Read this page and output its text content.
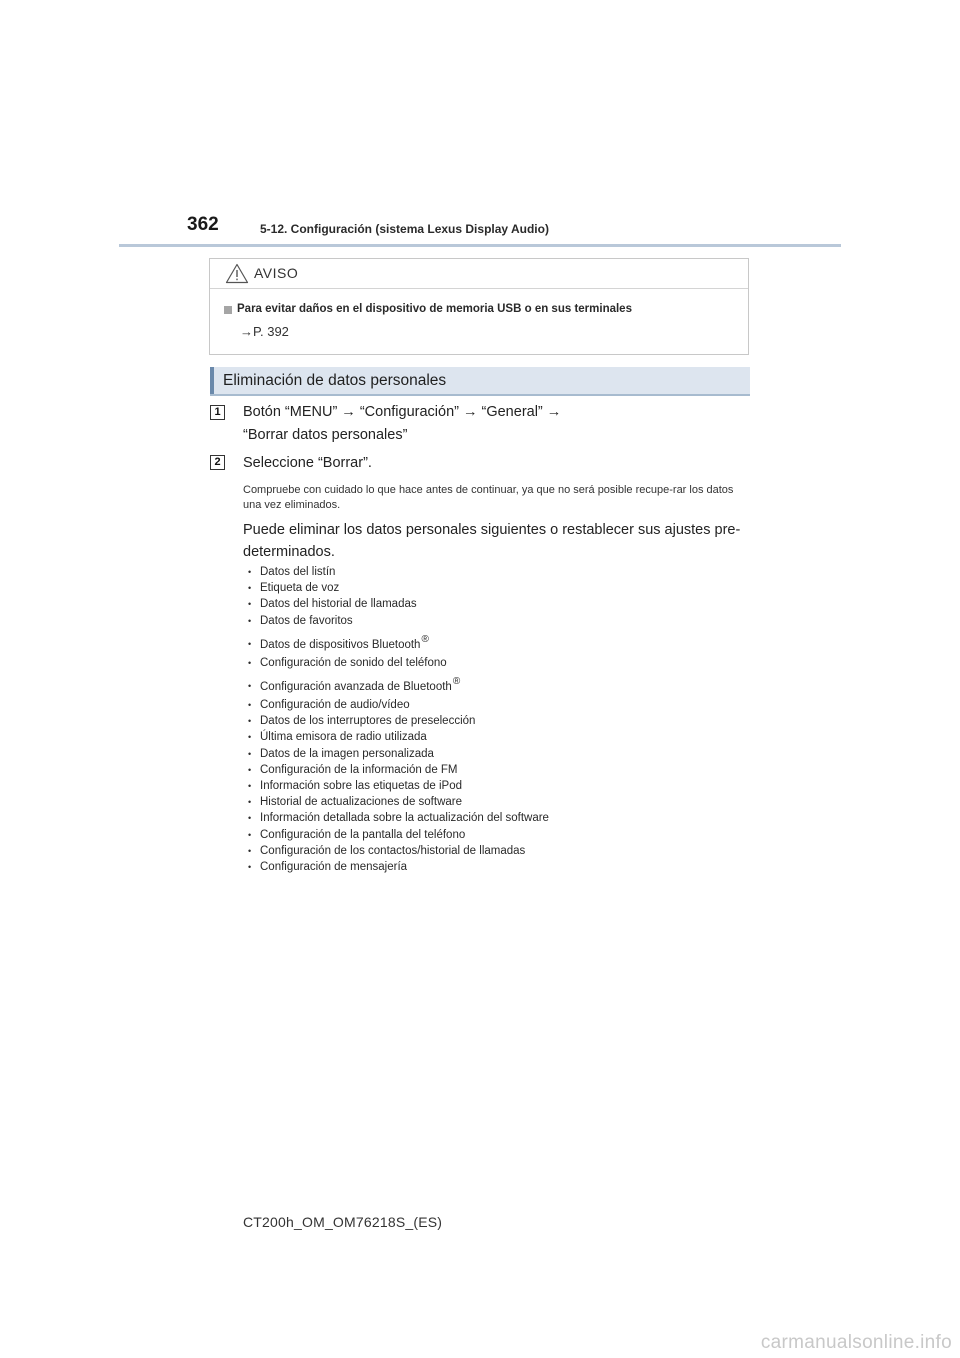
362	5-12. Configuración (sistema Lexus Display Audio)
AVISO
Para evitar daños en el dispositivo de memoria USB o en sus terminales
→P. 392
Eliminación de datos personales
1	Botón “MENU” → “Configuración” → “General” →
“Borrar datos personales”
2	Seleccione “Borrar”.
Compruebe con cuidado lo que hace antes de continuar, ya que no será posible recupe-rar los datos una vez eliminados.
Puede eliminar los datos personales siguientes o restablecer sus ajustes pre-determinados.
• Datos del listín
• Etiqueta de voz
• Datos del historial de llamadas
• Datos de favoritos
• Datos de dispositivos Bluetooth®
• Configuración de sonido del teléfono
• Configuración avanzada de Bluetooth®
• Configuración de audio/vídeo
• Datos de los interruptores de preselección
• Última emisora de radio utilizada
• Datos de la imagen personalizada
• Configuración de la información de FM
• Información sobre las etiquetas de iPod
• Historial de actualizaciones de software
• Información detallada sobre la actualización del software
• Configuración de la pantalla del teléfono
• Configuración de los contactos/historial de llamadas
• Configuración de mensajería
CT200h_OM_OM76218S_(ES)
carmanualsonline.info
